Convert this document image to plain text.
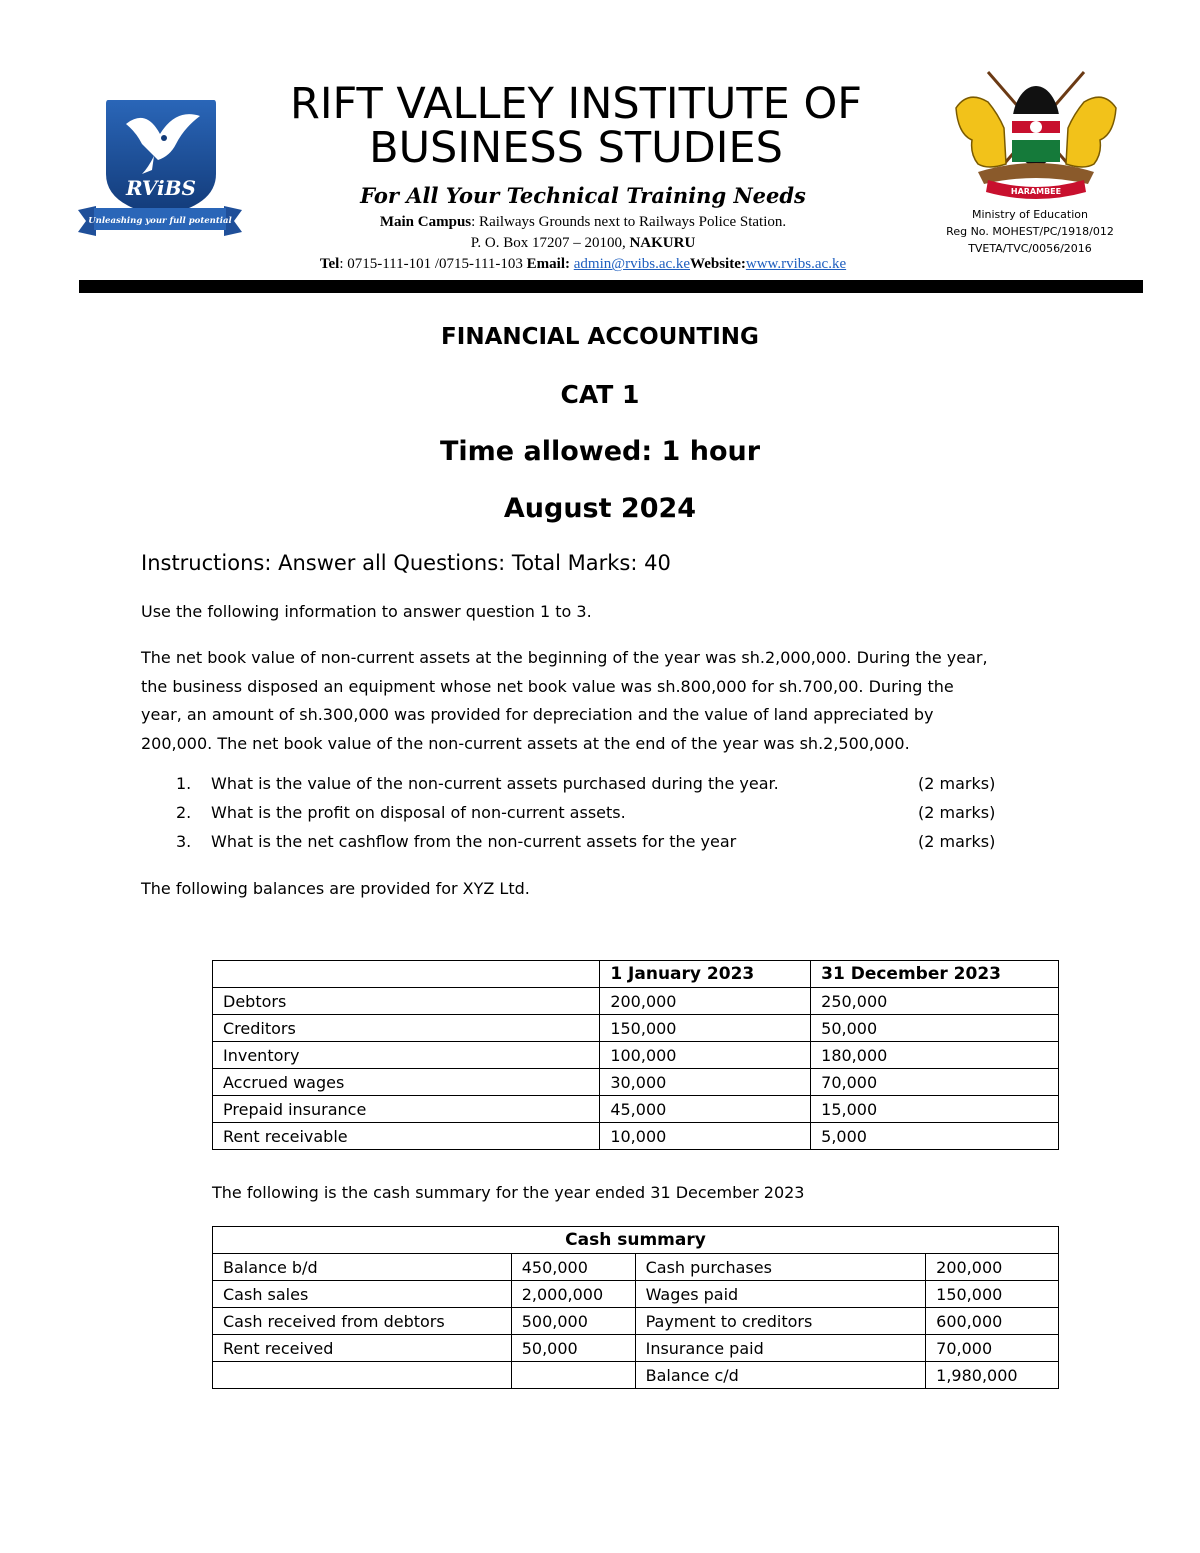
RViBS
Unleashing your full potential
RIFT VALLEY INSTITUTE OF
BUSINESS STUDIES
For All Your Technical Training Needs
Main Campus: Railways Grounds next to Railways Police Station.
P. O. Box 17207 – 20100, NAKURU
Tel: 0715-111-101 /0715-111-103 Email: admin@rvibs.ac.keWebsite:www.rvibs.ac.ke
HARAMBEE
Ministry of Education
Reg No. MOHEST/PC/1918/012
TVETA/TVC/0056/2016
FINANCIAL ACCOUNTING
CAT 1
Time allowed: 1 hour
August 2024
Instructions: Answer all Questions: Total Marks: 40
Use the following information to answer question 1 to 3.
The net book value of non-current assets at the beginning of the year was sh.2,000,000. During the year,
the business disposed an equipment whose net book value was sh.800,000 for sh.700,00. During the
year, an amount of sh.300,000 was provided for depreciation and the value of land appreciated by
200,000. The net book value of the non-current assets at the end of the year was sh.2,500,000.
1. What is the value of the non-current assets purchased during the year.	(2 marks)
2. What is the profit on disposal of non-current assets.	(2 marks)
3. What is the net cashflow from the non-current assets for the year	(2 marks)
The following balances are provided for XYZ Ltd.
	1 January 2023	31 December 2023
Debtors	200,000	250,000
Creditors	150,000	50,000
Inventory	100,000	180,000
Accrued wages	30,000	70,000
Prepaid insurance	45,000	15,000
Rent receivable	10,000	5,000
The following is the cash summary for the year ended 31 December 2023
Cash summary			
Balance b/d	450,000	Cash purchases	200,000
Cash sales	2,000,000	Wages paid	150,000
Cash received from debtors	500,000	Payment to creditors	600,000
Rent received	50,000	Insurance paid	70,000
		Balance c/d	1,980,000
